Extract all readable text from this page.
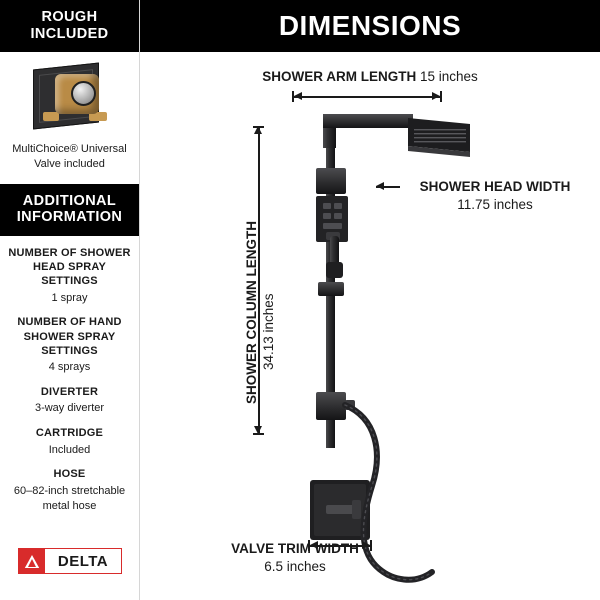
ROUGH
INCLUDED
MultiChoice® Universal Valve included
ADDITIONAL
INFORMATION
NUMBER OF SHOWER HEAD SPRAY SETTINGS
1 spray
NUMBER OF HAND SHOWER SPRAY SETTINGS
4 sprays
DIVERTER
3-way diverter
CARTRIDGE
Included
HOSE
60–82-inch stretchable metal hose
DELTA
DIMENSIONS
SHOWER ARM LENGTH 15 inches
SHOWER HEAD WIDTH
11.75 inches
SHOWER COLUMN LENGTH 34.13 inches
VALVE TRIM WIDTH
6.5 inches
